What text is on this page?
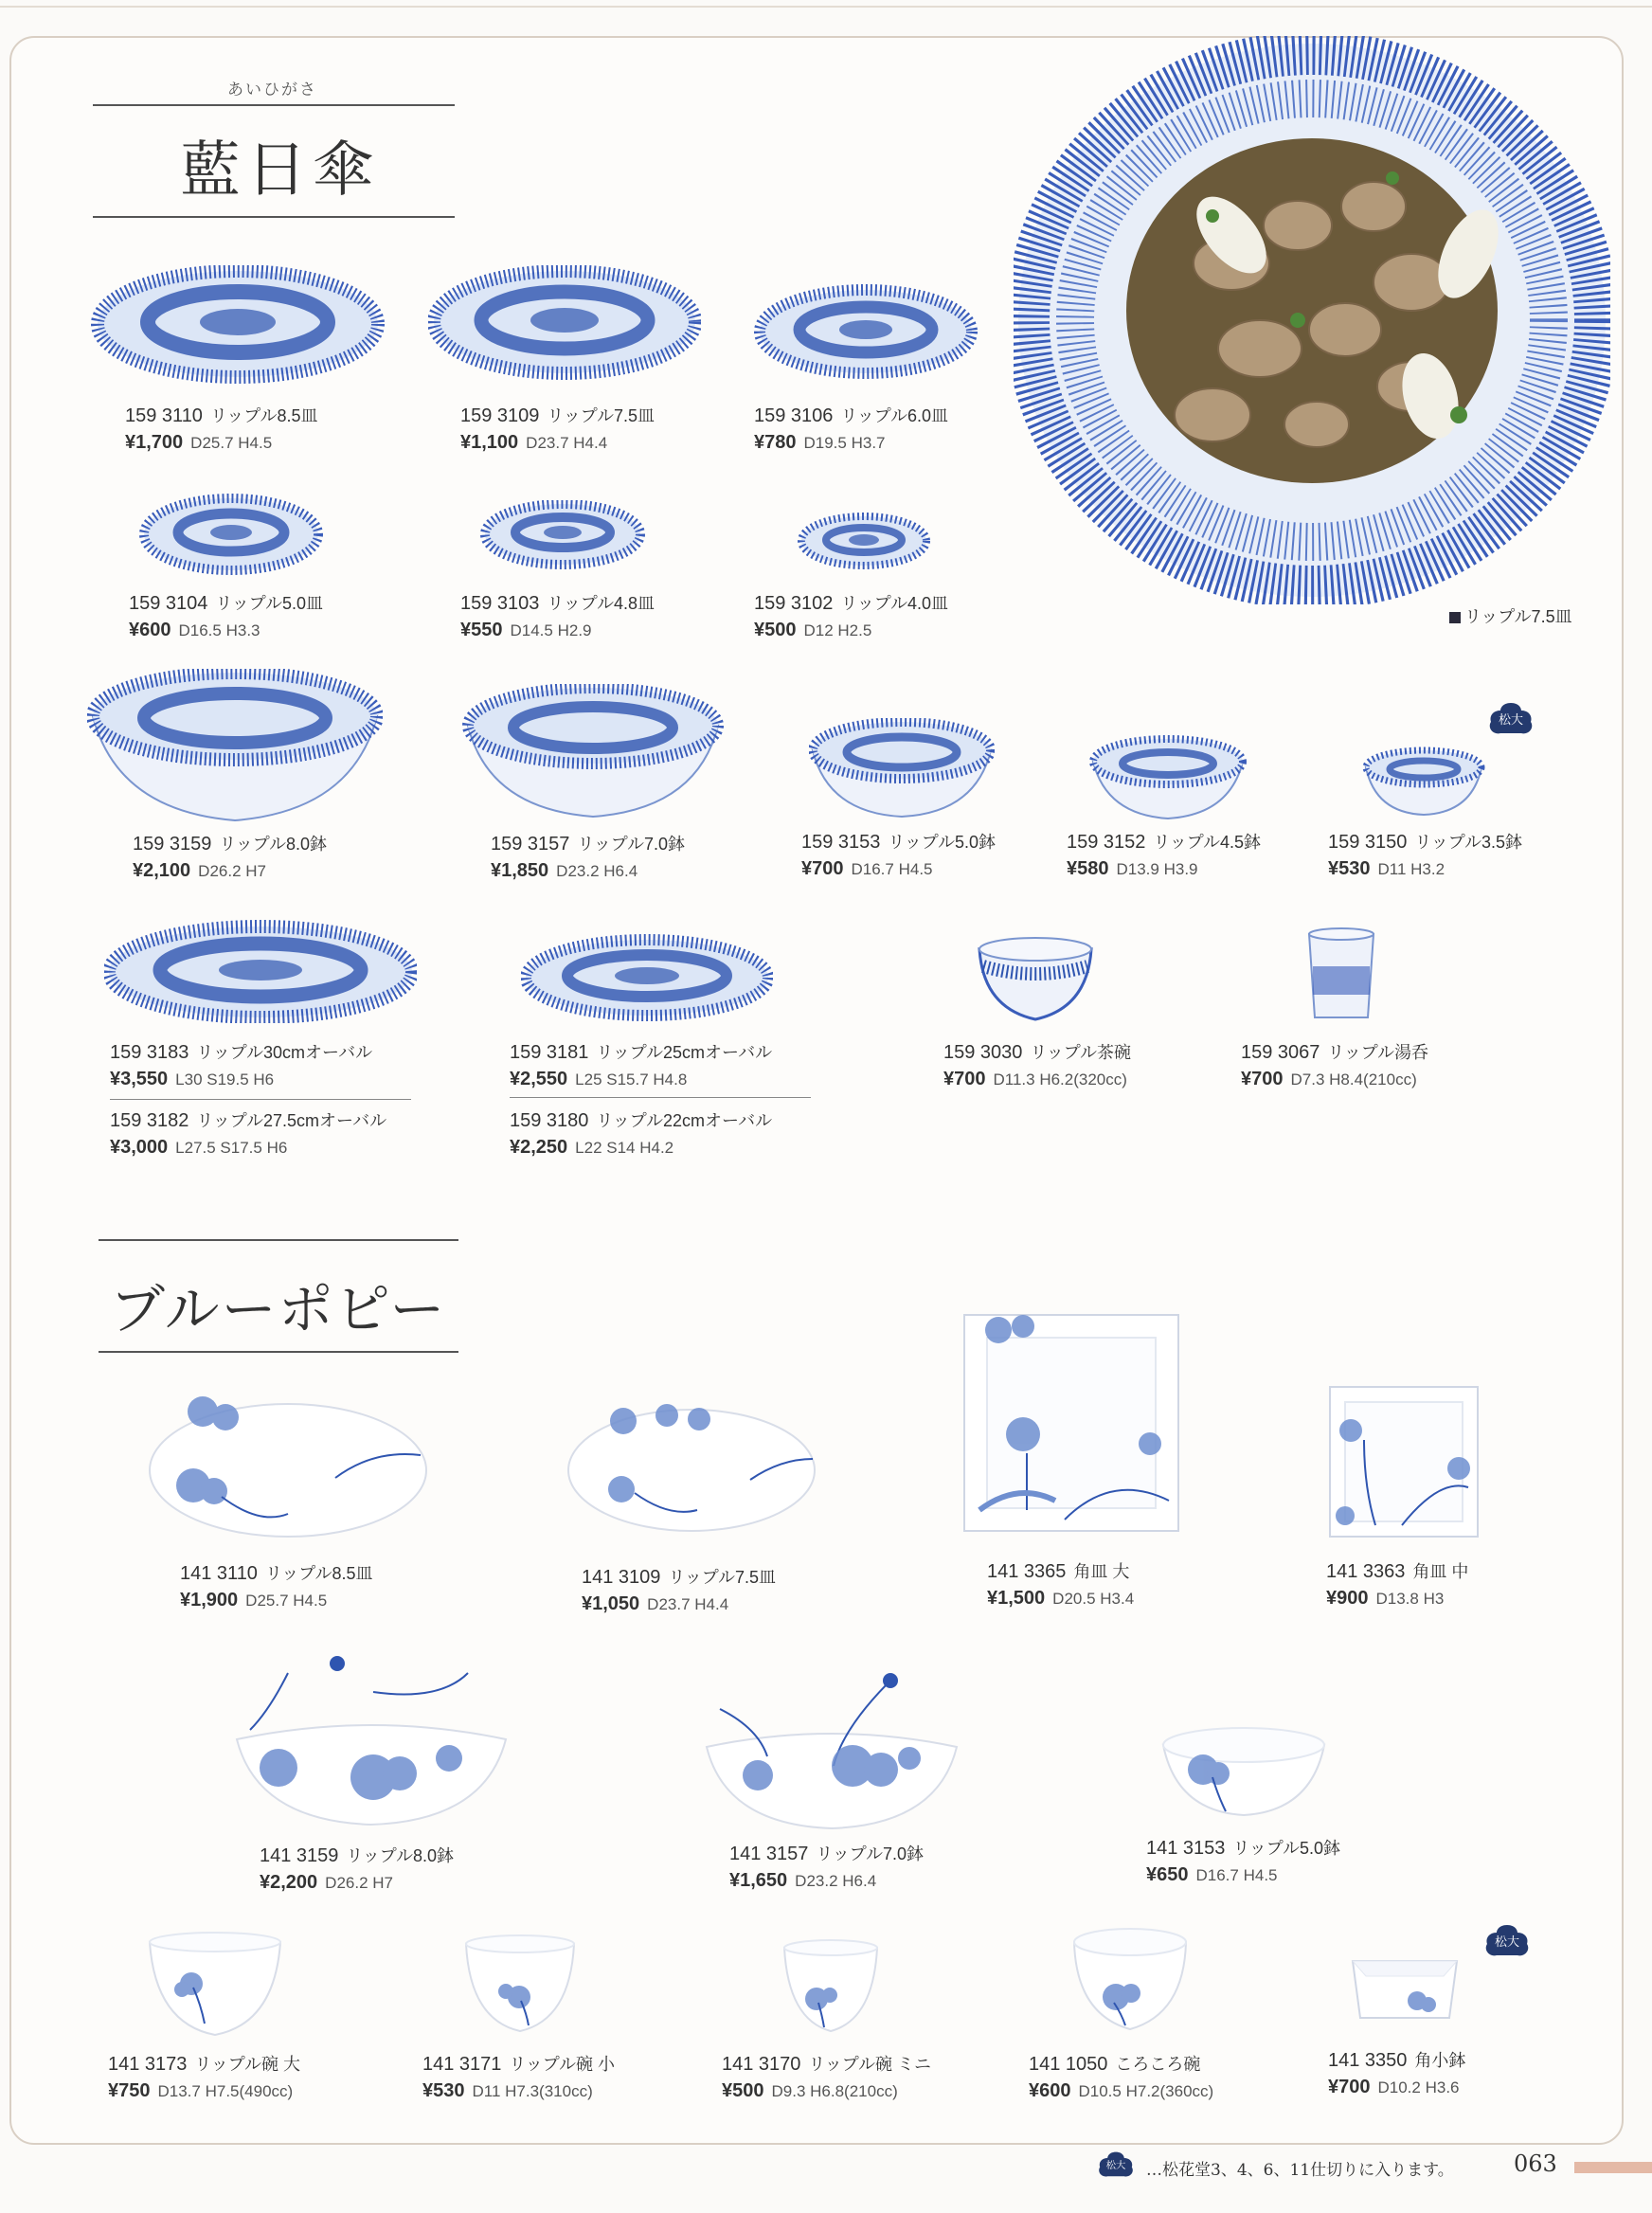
あいひがさ
藍日傘
リップル7.5皿
159 3110 リップル8.5皿
¥1,700 D25.7 H4.5
159 3109 リップル7.5皿
¥1,100 D23.7 H4.4
159 3106 リップル6.0皿
¥780 D19.5 H3.7
159 3104 リップル5.0皿
¥600 D16.5 H3.3
159 3103 リップル4.8皿
¥550 D14.5 H2.9
159 3102 リップル4.0皿
¥500 D12 H2.5
159 3159 リップル8.0鉢
¥2,100 D26.2 H7
159 3157 リップル7.0鉢
¥1,850 D23.2 H6.4
159 3153 リップル5.0鉢
¥700 D16.7 H4.5
159 3152 リップル4.5鉢
¥580 D13.9 H3.9
159 3150 リップル3.5鉢
¥530 D11 H3.2
松大
159 3183 リップル30cmオーバル
¥3,550 L30 S19.5 H6
159 3182 リップル27.5cmオーバル
¥3,000 L27.5 S17.5 H6
159 3181 リップル25cmオーバル
¥2,550 L25 S15.7 H4.8
159 3180 リップル22cmオーバル
¥2,250 L22 S14 H4.2
159 3030 リップル茶碗
¥700 D11.3 H6.2(320cc)
159 3067 リップル湯呑
¥700 D7.3 H8.4(210cc)
ブルーポピー
141 3110 リップル8.5皿
¥1,900 D25.7 H4.5
141 3109 リップル7.5皿
¥1,050 D23.7 H4.4
141 3365 角皿 大
¥1,500 D20.5 H3.4
141 3363 角皿 中
¥900 D13.8 H3
141 3159 リップル8.0鉢
¥2,200 D26.2 H7
141 3157 リップル7.0鉢
¥1,650 D23.2 H6.4
141 3153 リップル5.0鉢
¥650 D16.7 H4.5
141 3173 リップル碗 大
¥750 D13.7 H7.5(490cc)
141 3171 リップル碗 小
¥530 D11 H7.3(310cc)
141 3170 リップル碗 ミニ
¥500 D9.3 H6.8(210cc)
141 1050 ころころ碗
¥600 D10.5 H7.2(360cc)
141 3350 角小鉢
¥700 D10.2 H3.6
松大
松大	…松花堂3、4、6、11仕切りに入ります。	063
